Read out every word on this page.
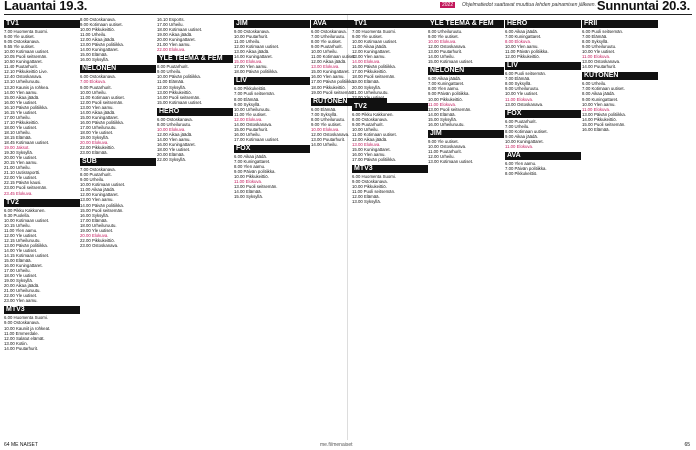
Lauantai 19.3.	2022	Ohjelmatiedot saattavat muuttua lehden painamisen jälkeen. Sunnuntai 20.3.
TV1
7.00 Huomenta Suomi.
9.00 Yle uutiset.
9.05 Ostoskanava.
9.55 Yle uutiset.
10.00 Kotimaan uutiset.
10.05 Puoli seitsemän.
10.50 Kuningattaret.
11.40 Puutarhurit.
12.10 Pikkukeittiö Live.
12.40 Ostoskanava.
13.10 Urheiluruutu.
13.20 Kaunis ja rohkea.
14.00 Ylen aamu.
15.00 Aikaa jäädä.
16.00 Yle uutiset.
16.10 Päivän politiikka.
16.15 Yle uutiset.
17.00 Urheilu.
17.10 Pikkukeittiö.
18.00 Yle uutiset.
18.10 Urheilu.
18.15 Elämää.
18.45 Kotimaan uutiset.
19.00 Jaksot.
19.30 Syksyllä.
20.00 Yle uutiset.
20.15 Ylen aamu.
21.00 Urheilu.
21.10 Uutisraportti.
22.00 Yle uutiset.
22.15 Päivän kausi.
23.00 Puoli seitsemän.
23.45 Elokuva.
TV2
6.00 Pikku Kakkonen.
9.30 Puolella.
10.00 Kotimaan uutiset.
10.15 Urheilu.
11.00 Ylen aamu.
12.00 Yle uutiset.
12.15 Urheiluruutu.
13.00 Päivän politiikka.
14.00 Yle uutiset.
14.15 Kotimaan uutiset.
15.00 Elämää.
16.00 Kuningattaret.
17.00 Urheilu.
18.00 Yle uutiset.
19.00 Syksyllä.
20.00 Aikaa jäädä.
21.00 Urheiluruutu.
22.00 Yle uutiset.
23.00 Ylen aamu.
MTV3
6.00 Huomenta Suomi.
9.00 Ostoskanava.
10.00 Kauniit ja rohkeat.
11.00 Emmerdale.
12.00 Salatut elämät.
13.00 Kotiin.
14.00 Puutarhurit.
8.00 Ostoskanava.
9.00 Kotimaan uutiset.
10.00 Pikkukeittiö.
11.00 Urheilu.
12.00 Aikaa jäädä.
13.00 Päivän politiikka.
14.00 Kuningattaret.
15.00 Elämää.
16.00 Syksyllä.
NELONEN
6.00 Ostoskanava.
7.00 Elokuva.
9.00 Puutarhurit.
10.00 Urheilu.
11.00 Kotimaan uutiset.
12.00 Puoli seitsemän.
13.00 Ylen aamu.
14.00 Aikaa jäädä.
15.00 Kuningattaret.
16.00 Päivän politiikka.
17.00 Urheiluruutu.
18.00 Yle uutiset.
19.00 Syksyllä.
20.00 Elokuva.
22.00 Pikkukeittiö.
23.00 Elämää.
SUB
7.00 Ostoskanava.
8.00 Puutarhurit.
9.00 Urheilu.
10.00 Kotimaan uutiset.
11.00 Aikaa jäädä.
12.00 Kuningattaret.
13.00 Ylen aamu.
14.00 Päivän politiikka.
15.00 Puoli seitsemän.
16.00 Syksyllä.
17.00 Elämää.
18.00 Urheiluruutu.
19.00 Yle uutiset.
20.00 Elokuva.
22.00 Pikkukeittiö.
23.00 Ostoskanava.
16.10 Esports.
17.00 Urheilu.
18.00 Kotimaan uutiset.
19.00 Aikaa jäädä.
20.00 Kuningattaret.
21.00 Ylen aamu.
22.00 Elokuva.
YLE TEEMA & FEM
8.00 Puutarhurit.
9.00 Urheilu.
10.00 Päivän politiikka.
11.00 Elämää.
12.00 Syksyllä.
13.00 Pikkukeittiö.
14.00 Puoli seitsemän.
15.00 Kotimaan uutiset.
HERO
6.00 Ostoskanava.
8.00 Urheiluruutu.
10.00 Elokuva.
12.00 Aikaa jäädä.
14.00 Ylen aamu.
16.00 Kuningattaret.
18.00 Yle uutiset.
20.00 Elämää.
22.00 Syksyllä.
JIM
9.00 Ostoskanava.
10.00 Puutarhurit.
11.00 Urheilu.
12.00 Kotimaan uutiset.
13.00 Aikaa jäädä.
14.00 Kuningattaret.
15.00 Elokuva.
17.00 Ylen aamu.
18.00 Päivän politiikka.
LIV
6.00 Pikkukeittiö.
7.00 Puoli seitsemän.
8.00 Elämää.
9.00 Syksyllä.
10.00 Urheiluruutu.
11.00 Yle uutiset.
12.00 Elokuva.
14.00 Ostoskanava.
15.00 Puutarhurit.
16.00 Urheilu.
17.00 Kotimaan uutiset.
FOX
6.00 Aikaa jäädä.
7.00 Kuningattaret.
8.00 Ylen aamu.
9.00 Päivän politiikka.
10.00 Pikkukeittiö.
11.00 Elokuva.
13.00 Puoli seitsemän.
14.00 Elämää.
15.00 Syksyllä.
AVA
6.00 Ostoskanava.
7.00 Urheiluruutu.
8.00 Yle uutiset.
9.00 Puutarhurit.
10.00 Urheilu.
11.00 Kotimaan uutiset.
12.00 Aikaa jäädä.
13.00 Elokuva.
15.00 Kuningattaret.
16.00 Ylen aamu.
17.00 Päivän politiikka.
18.00 Pikkukeittiö.
19.00 Puoli seitsemän.
RUTONEN
6.00 Elämää.
7.00 Syksyllä.
8.00 Urheiluruutu.
9.00 Yle uutiset.
10.00 Elokuva.
12.00 Ostoskanava.
13.00 Puutarhurit.
14.00 Urheilu.
TV1
7.00 Huomenta Suomi.
9.00 Yle uutiset.
10.00 Kotimaan uutiset.
11.00 Aikaa jäädä.
12.00 Kuningattaret.
13.00 Ylen aamu.
14.00 Elokuva.
16.00 Päivän politiikka.
17.00 Pikkukeittiö.
18.00 Puoli seitsemän.
19.00 Elämää.
20.00 Syksyllä.
21.00 Urheiluruutu.
22.00 Yle uutiset.
TV2
6.00 Pikku Kakkonen.
8.00 Ostoskanava.
9.00 Puutarhurit.
10.00 Urheilu.
11.00 Kotimaan uutiset.
12.00 Aikaa jäädä.
13.00 Elokuva.
15.00 Kuningattaret.
16.00 Ylen aamu.
17.00 Päivän politiikka.
MTV3
6.00 Huomenta Suomi.
9.00 Ostoskanava.
10.00 Pikkukeittiö.
11.00 Puoli seitsemän.
12.00 Elämää.
13.00 Syksyllä.
YLE TEEMA & FEM
8.00 Urheiluruutu.
9.00 Yle uutiset.
10.00 Elokuva.
12.00 Ostoskanava.
13.00 Puutarhurit.
14.00 Urheilu.
15.00 Kotimaan uutiset.
NELONEN
6.00 Aikaa jäädä.
7.00 Kuningattaret.
8.00 Ylen aamu.
9.00 Päivän politiikka.
10.00 Pikkukeittiö.
11.00 Elokuva.
13.00 Puoli seitsemän.
14.00 Elämää.
15.00 Syksyllä.
16.00 Urheiluruutu.
JIM
9.00 Yle uutiset.
10.00 Ostoskanava.
11.00 Puutarhurit.
12.00 Urheilu.
13.00 Kotimaan uutiset.
HERO
6.00 Aikaa jäädä.
7.00 Kuningattaret.
8.00 Elokuva.
10.00 Ylen aamu.
11.00 Päivän politiikka.
12.00 Pikkukeittiö.
LIV
6.00 Puoli seitsemän.
7.00 Elämää.
8.00 Syksyllä.
9.00 Urheiluruutu.
10.00 Yle uutiset.
11.00 Elokuva.
13.00 Ostoskanava.
FOX
6.00 Puutarhurit.
7.00 Urheilu.
8.00 Kotimaan uutiset.
9.00 Aikaa jäädä.
10.00 Kuningattaret.
11.00 Elokuva.
AVA
6.00 Ylen aamu.
7.00 Päivän politiikka.
8.00 Pikkukeittiö.
FRII
6.00 Puoli seitsemän.
7.00 Elämää.
8.00 Syksyllä.
9.00 Urheiluruutu.
10.00 Yle uutiset.
11.00 Elokuva.
13.00 Ostoskanava.
14.00 Puutarhurit.
KUTONEN
6.00 Urheilu.
7.00 Kotimaan uutiset.
8.00 Aikaa jäädä.
9.00 Kuningattaret.
10.00 Ylen aamu.
11.00 Elokuva.
13.00 Päivän politiikka.
14.00 Pikkukeittiö.
15.00 Puoli seitsemän.
16.00 Elämää.
64 ME NAISET	me.fi/menaiset	65
